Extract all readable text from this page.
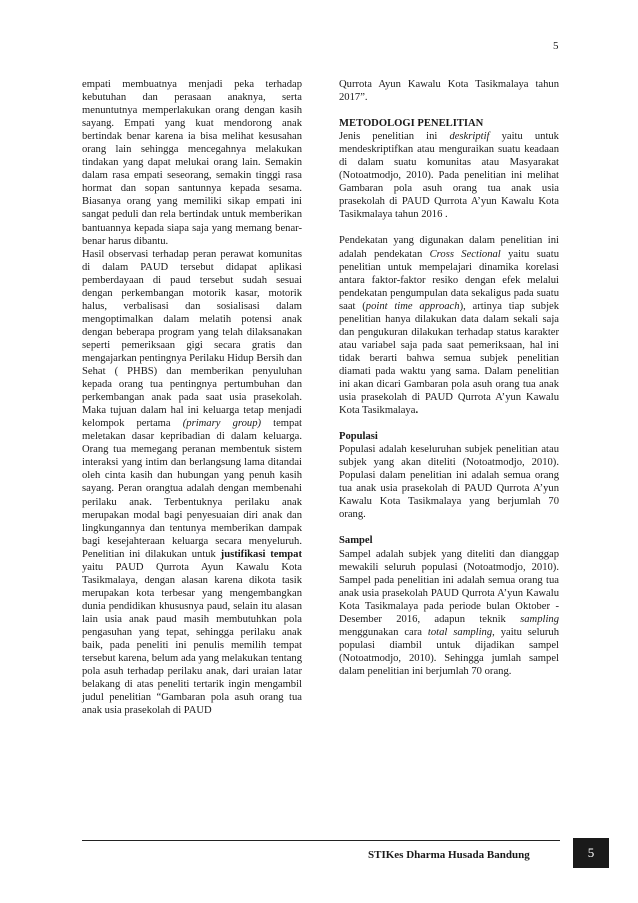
5

empati membuatnya menjadi peka terhadap kebutuhan dan perasaan anaknya, serta menuntutnya memperlakukan orang dengan kasih sayang. Empati yang kuat mendorong anak bertindak benar karena ia bisa melihat kesusahan orang lain sehingga mencegahnya melakukan tindakan yang dapat melukai orang lain. Semakin dalam rasa empati seseorang, semakin tinggi rasa hormat dan sopan santunnya kepada sesama. Biasanya orang yang memiliki sikap empati ini sangat peduli dan rela bertindak untuk memberikan bantuannya kepada siapa saja yang memang benar-benar harus dibantu.

Hasil observasi terhadap peran perawat komunitas di dalam PAUD tersebut didapat aplikasi pemberdayaan di paud tersebut sudah sesuai dengan perkembangan motorik kasar, motorik halus, verbalisasi dan sosialisasi dalam mengoptimalkan dalam melatih potensi anak dengan beberapa program yang telah dilaksanakan seperti pemeriksaan gigi secara gratis dan mengajarkan pentingnya Perilaku Hidup Bersih dan Sehat ( PHBS) dan memberikan penyuluhan kepada orang tua pentingnya pertumbuhan dan perkembangan anak pada saat usia prasekolah. Maka tujuan dalam hal ini keluarga tetap menjadi kelompok pertama (primary group) tempat meletakan dasar kepribadian di dalam keluarga. Orang tua memegang peranan membentuk sistem interaksi yang intim dan berlangsung lama ditandai oleh cinta kasih dan hubungan yang penuh kasih sayang. Peran orangtua adalah dengan membenahi perilaku anak. Terbentuknya perilaku anak merupakan modal bagi penyesuaian diri anak dan lingkungannya dan tentunya memberikan dampak bagi kesejahteraan keluarga secara menyeluruh. Penelitian ini dilakukan untuk justifikasi tempat yaitu PAUD Qurrota Ayun Kawalu Kota Tasikmalaya, dengan alasan karena dikota tasik merupakan kota terbesar yang mengembangkan dunia pendidikan khususnya paud, selain itu alasan lain usia anak paud masih membutuhkan pola pengasuhan yang tepat, sehingga perilaku anak baik, pada peneliti ini penulis memilih tempat tersebut karena, belum ada yang melakukan tentang pola asuh terhadap perilaku anak, dari uraian latar belakang di atas peneliti tertarik ingin mengambil judul penelitian “Gambaran pola asuh orang tua anak usia prasekolah di PAUD

Qurrota Ayun Kawalu Kota Tasikmalaya tahun 2017”.

METODOLOGI PENELITIAN

Jenis penelitian ini deskriptif yaitu untuk mendeskriptifkan atau menguraikan suatu keadaan di dalam suatu komunitas atau Masyarakat (Notoatmodjo, 2010). Pada penelitian ini melihat Gambaran pola asuh orang tua anak usia prasekolah di PAUD Qurrota A’yun Kawalu Kota Tasikmalaya tahun 2016 .

Pendekatan yang digunakan dalam penelitian ini adalah pendekatan Cross Sectional yaitu suatu penelitian untuk mempelajari dinamika korelasi antara faktor-faktor resiko dengan efek melalui pendekatan pengumpulan data sekaligus pada suatu saat (point time approach), artinya tiap subjek penelitian hanya dilakukan data dalam sekali saja dan pengukuran dilakukan terhadap status karakter atau variabel saja pada saat pemeriksaan, hal ini tidak berarti bahwa semua subjek penelitian diamati pada waktu yang sama. Dalam penelitian ini akan dicari Gambaran pola asuh orang tua anak usia prasekolah di PAUD Qurrota A’yun Kawalu Kota Tasikmalaya.

Populasi

Populasi adalah keseluruhan subjek penelitian atau subjek yang akan diteliti (Notoatmodjo, 2010). Populasi dalam penelitian ini adalah semua orang tua anak usia prasekolah di PAUD Qurrota A’yun Kawalu Kota Tasikmalaya yang berjumlah 70 orang.

Sampel

Sampel adalah subjek yang diteliti dan dianggap mewakili seluruh populasi (Notoatmodjo, 2010). Sampel pada penelitian ini adalah semua orang tua anak usia prasekolah PAUD Qurrota A’yun Kawalu Kota Tasikmalaya pada periode bulan Oktober - Desember 2016, adapun teknik sampling menggunakan cara total sampling, yaitu seluruh populasi diambil untuk dijadikan sampel (Notoatmodjo, 2010). Sehingga jumlah sampel dalam penelitian ini berjumlah 70 orang.

STIKes Dharma Husada Bandung	5
